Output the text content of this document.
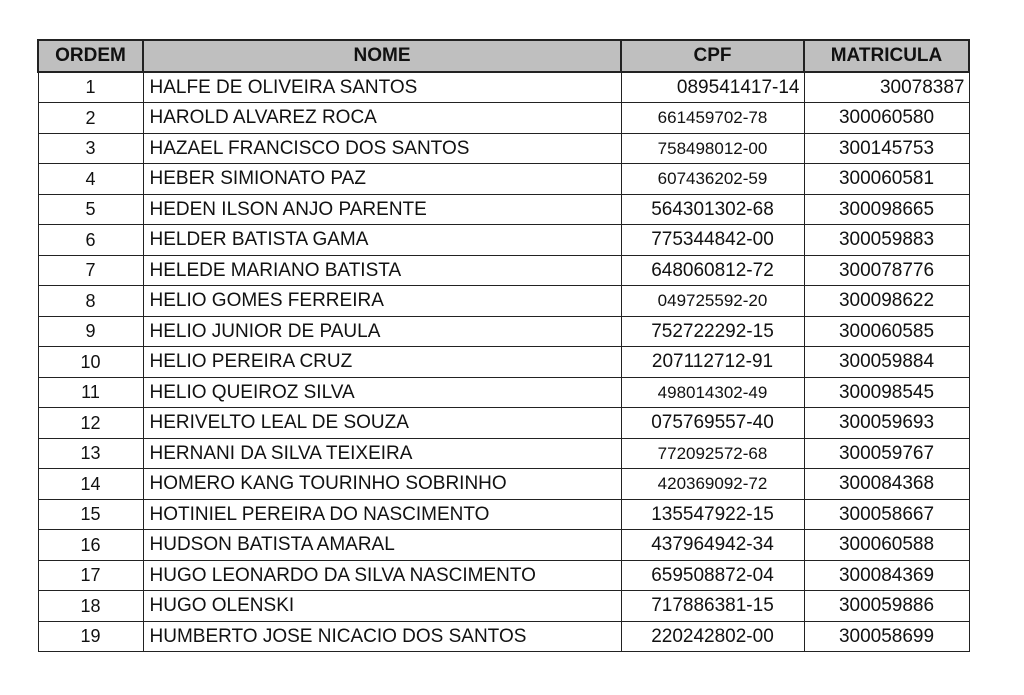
ORDEM	NOME	CPF	MATRICULA
1	HALFE DE OLIVEIRA SANTOS	089541417-14	30078387
2	HAROLD ALVAREZ ROCA	661459702-78	300060580
3	HAZAEL FRANCISCO DOS SANTOS	758498012-00	300145753
4	HEBER SIMIONATO PAZ	607436202-59	300060581
5	HEDEN ILSON ANJO PARENTE	564301302-68	300098665
6	HELDER BATISTA GAMA	775344842-00	300059883
7	HELEDE MARIANO BATISTA	648060812-72	300078776
8	HELIO GOMES FERREIRA	049725592-20	300098622
9	HELIO JUNIOR DE PAULA	752722292-15	300060585
10	HELIO PEREIRA CRUZ	207112712-91	300059884
11	HELIO QUEIROZ SILVA	498014302-49	300098545
12	HERIVELTO LEAL DE SOUZA	075769557-40	300059693
13	HERNANI DA SILVA TEIXEIRA	772092572-68	300059767
14	HOMERO KANG TOURINHO SOBRINHO	420369092-72	300084368
15	HOTINIEL PEREIRA DO NASCIMENTO	135547922-15	300058667
16	HUDSON BATISTA AMARAL	437964942-34	300060588
17	HUGO LEONARDO DA SILVA NASCIMENTO	659508872-04	300084369
18	HUGO OLENSKI	717886381-15	300059886
19	HUMBERTO JOSE NICACIO DOS SANTOS	220242802-00	300058699
